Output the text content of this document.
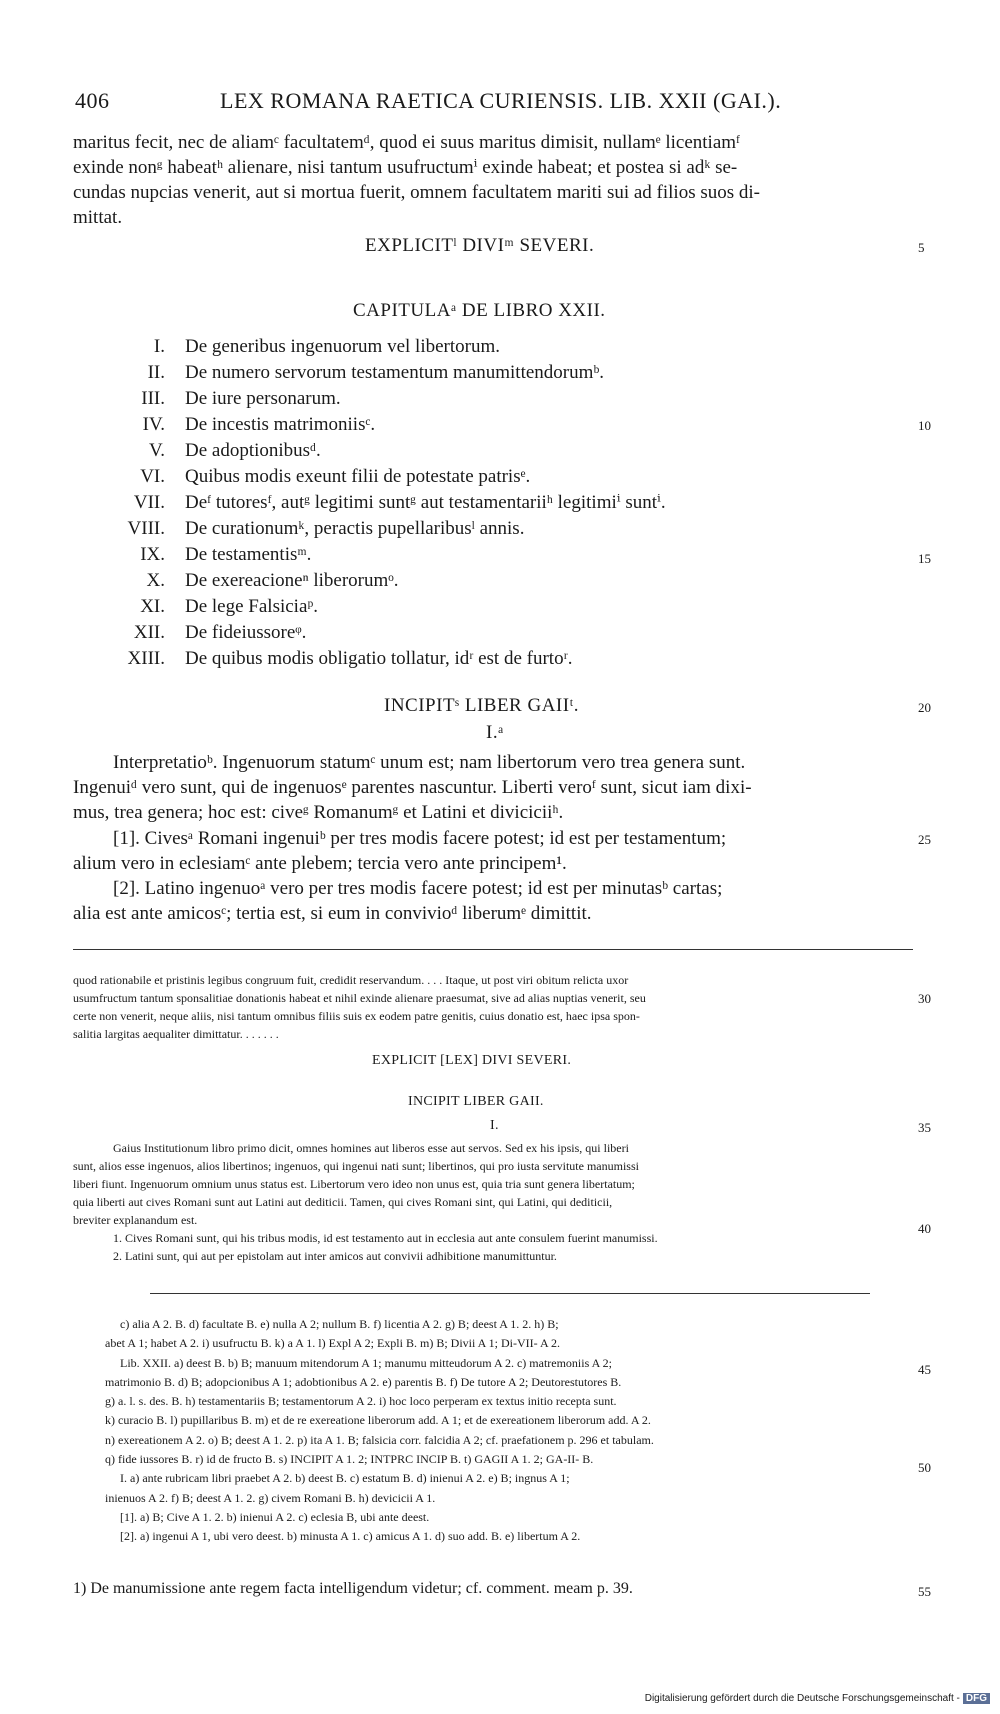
406	LEX ROMANA RAETICA CURIENSIS. LIB. XXII (GAI.).

maritus fecit, nec de aliamᶜ facultatemᵈ, quod ei suus maritus dimisit, nullamᵉ licentiamᶠ

exinde nonᵍ habeatʰ alienare, nisi tantum usufructumⁱ exinde habeat; et postea si adᵏ se-

cundas nupcias venerit, aut si mortua fuerit, omnem facultatem mariti sui ad filios suos di-

mittat.

EXPLICITˡ DIVIᵐ SEVERI.	5
CAPITULAᵃ DE LIBRO XXII.
I. De generibus ingenuorum vel libertorum.
II. De numero servorum testamentum manumittendorumᵇ.
III. De iure personarum.
IV. De incestis matrimoniisᶜ.
V. De adoptionibusᵈ.
VI. Quibus modis exeunt filii de potestate patrisᵉ.
VII. Deᶠ tutoresᶠ, autᵍ legitimi suntᵍ aut testamentariiʰ legitimiⁱ suntⁱ.
VIII. De curationumᵏ, peractis pupellaribusˡ annis.
IX. De testamentisᵐ.
X. De exereacioneⁿ liberorumᵒ.
XI. De lege Falsiciaᵖ.
XII. De fideiussoreᵠ.
XIII. De quibus modis obligatio tollatur, idʳ est de furtoʳ.
10
15
INCIPITˢ LIBER GAIIᵗ.	20
I.ᵃ

Interpretatioᵇ. Ingenuorum statumᶜ unum est; nam libertorum vero trea genera sunt.

Ingenuiᵈ vero sunt, qui de ingenuosᵉ parentes nascuntur. Liberti veroᶠ sunt, sicut iam dixi-

mus, trea genera; hoc est: civeᵍ Romanumᵍ et Latini et diviciciiʰ.

[1]. Civesᵃ Romani ingenuiᵇ per tres modis facere potest; id est per testamentum;

alium vero in eclesiamᶜ ante plebem; tercia vero ante principem¹.

25

[2]. Latino ingenuoᵃ vero per tres modis facere potest; id est per minutasᵇ cartas;

alia est ante amicosᶜ; tertia est, si eum in convivioᵈ liberumᵉ dimittit.

quod rationabile et pristinis legibus congruum fuit, credidit reservandum. . . . Itaque, ut post viri obitum relicta uxor

usumfructum tantum sponsalitiae donationis habeat et nihil exinde alienare praesumat, sive ad alias nuptias venerit, seu

certe non venerit, neque aliis, nisi tantum omnibus filiis suis ex eodem patre genitis, cuius donatio est, haec ipsa spon-

salitia largitas aequaliter dimittatur. . . . . . .

30
EXPLICIT [LEX] DIVI SEVERI.
INCIPIT LIBER GAII.
I.	35

Gaius Institutionum libro primo dicit, omnes homines aut liberos esse aut servos. Sed ex his ipsis, qui liberi

sunt, alios esse ingenuos, alios libertinos; ingenuos, qui ingenui nati sunt; libertinos, qui pro iusta servitute manumissi

liberi fiunt. Ingenuorum omnium unus status est. Libertorum vero ideo non unus est, quia tria sunt genera libertatum;

quia liberti aut cives Romani sunt aut Latini aut dediticii. Tamen, qui cives Romani sint, qui Latini, qui dediticii,

breviter explanandum est.

1. Cives Romani sunt, qui his tribus modis, id est testamento aut in ecclesia aut ante consulem fuerint manumissi.

2. Latini sunt, qui aut per epistolam aut inter amicos aut convivii adhibitione manumittuntur.

40

c) alia A 2. B. d) facultate B. e) nulla A 2; nullum B. f) licentia A 2. g) B; deest A 1. 2. h) B;

abet A 1; habet A 2. i) usufructu B. k) a A 1. l) Expl A 2; Expli B. m) B; Divii A 1; Di-VII- A 2.

Lib. XXII. a) deest B. b) B; manuum mitendorum A 1; manumu mitteudorum A 2. c) matremoniis A 2;

matrimonio B. d) B; adopcionibus A 1; adobtionibus A 2. e) parentis B. f) De tutore A 2; Deutorestutores B.

g) a. l. s. des. B. h) testamentariis B; testamentorum A 2. i) hoc loco perperam ex textus initio recepta sunt.

k) curacio B. l) pupillaribus B. m) et de re exereatione liberorum add. A 1; et de exereationem liberorum add. A 2.

n) exereationem A 2. o) B; deest A 1. 2. p) ita A 1. B; falsicia corr. falcidia A 2; cf. praefationem p. 296 et tabulam.

q) fide iussores B. r) id de fructo B. s) INCIPIT A 1. 2; INTPRC INCIP B. t) GAGII A 1. 2; GA-II- B.

I. a) ante rubricam libri praebet A 2. b) deest B. c) estatum B. d) inienui A 2. e) B; ingnus A 1;

inienuos A 2. f) B; deest A 1. 2. g) civem Romani B. h) devicicii A 1.

[1]. a) B; Cive A 1. 2. b) inienui A 2. c) eclesia B, ubi ante deest.

[2]. a) ingenui A 1, ubi vero deest. b) minusta A 1. c) amicus A 1. d) suo add. B. e) libertum A 2.

45
50
1) De manumissione ante regem facta intelligendum videtur; cf. comment. meam p. 39.	55
Digitalisierung gefördert durch die Deutsche Forschungsgemeinschaft - DFG
